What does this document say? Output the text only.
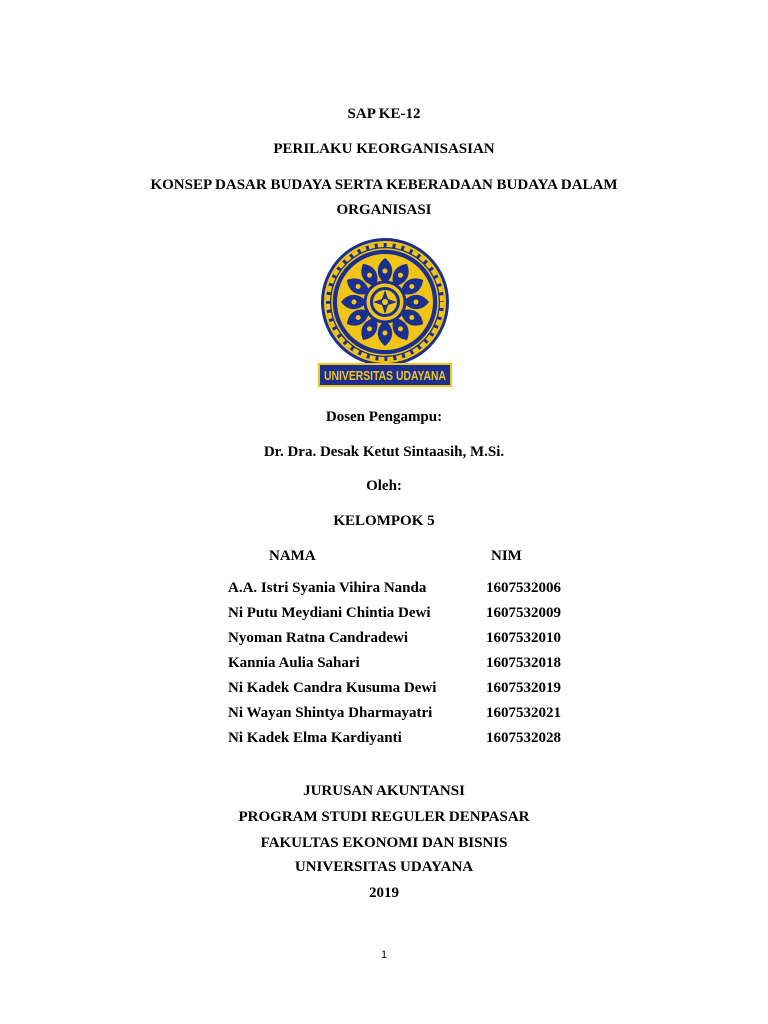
SAP KE-12
PERILAKU KEORGANISASIAN
KONSEP DASAR BUDAYA SERTA KEBERADAAN BUDAYA DALAM
ORGANISASI
UNIVERSITAS UDAYANA
Dosen Pengampu:
Dr. Dra. Desak Ketut Sintaasih, M.Si.
Oleh:
KELOMPOK 5
NAMA	NIM
A.A. Istri Syania Vihira Nanda	1607532006
Ni Putu Meydiani Chintia Dewi	1607532009
Nyoman Ratna Candradewi	1607532010
Kannia Aulia Sahari	1607532018
Ni Kadek Candra Kusuma Dewi	1607532019
Ni Wayan Shintya Dharmayatri	1607532021
Ni Kadek Elma Kardiyanti	1607532028
JURUSAN AKUNTANSI
PROGRAM STUDI REGULER DENPASAR
FAKULTAS EKONOMI DAN BISNIS
UNIVERSITAS UDAYANA
2019
1
